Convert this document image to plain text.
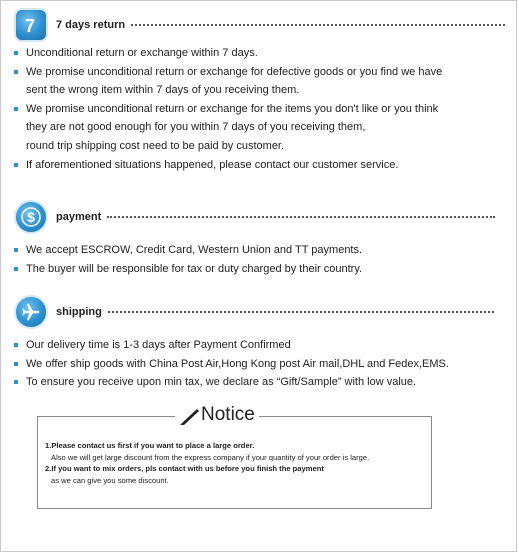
7 7 days return
Unconditional return or exchange within 7 days.
We promise unconditional return or exchange for defective goods or you find we have
sent the wrong item within 7 days of you receiving them.
We promise unconditional return or exchange for the items you don't like or you think
they are not good enough for you within 7 days of you receiving them,
round trip shipping cost need to be paid by customer.
If aforementioned situations happened, please contact our customer service.
$ payment
We accept ESCROW, Credit Card, Western Union and TT payments.
The buyer will be responsible for tax or duty charged by their country.
shipping
Our delivery time is 1-3 days after Payment Confirmed
We offer ship goods with China Post Air,Hong Kong post Air mail,DHL and Fedex,EMS.
To ensure you receive upon min tax, we declare as “Gift/Sample” with low value.
Notice
1.Please contact us first if you want to place a large order.
Also we will get large discount from the express company if your quantity of your order is large.
2.If you want to mix orders, pls contact with us before you finish the payment
as we can give you some discount.
